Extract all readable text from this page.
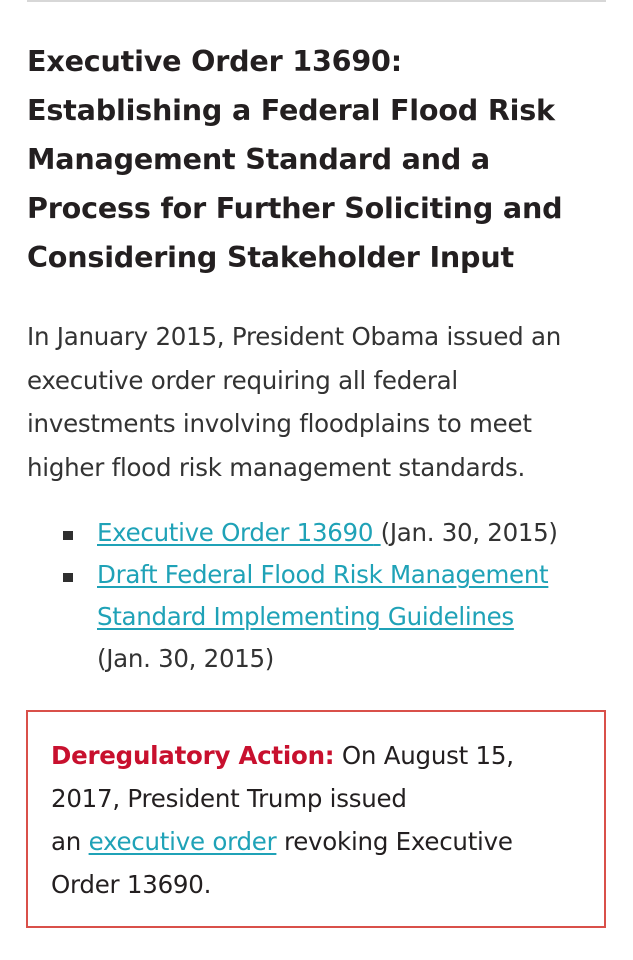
Executive Order 13690:
Establishing a Federal Flood Risk
Management Standard and a
Process for Further Soliciting and
Considering Stakeholder Input

In January 2015, President Obama issued an
executive order requiring all federal
investments involving floodplains to meet
higher flood risk management standards.

Executive Order 13690 (Jan. 30, 2015)
Draft Federal Flood Risk Management
Standard Implementing Guidelines
(Jan. 30, 2015)

Deregulatory Action: On August 15,
2017, President Trump issued
an executive order revoking Executive
Order 13690.
